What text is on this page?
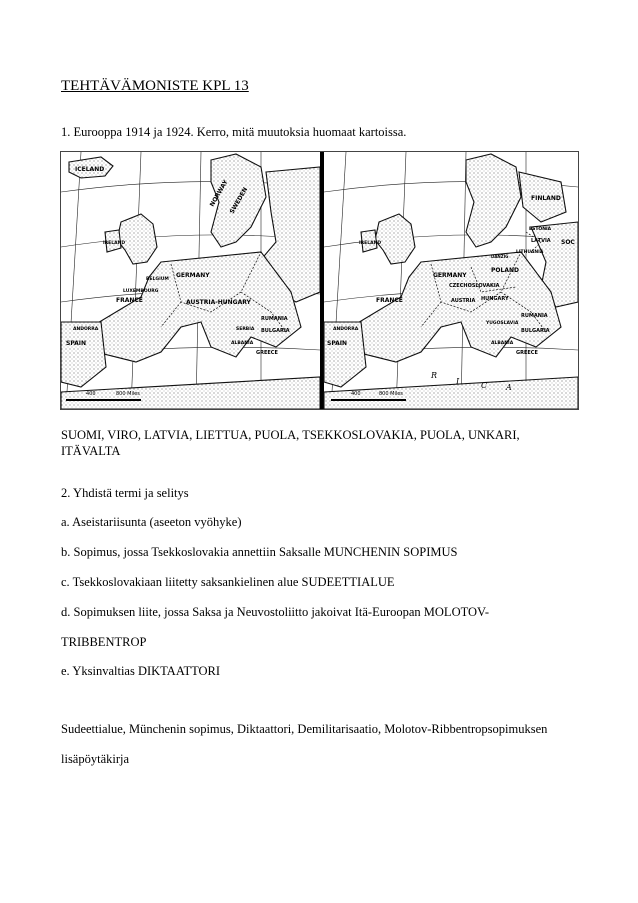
TEHTÄVÄMONISTE KPL 13
1. Eurooppa 1914 ja 1924. Kerro, mitä muutoksia huomaat kartoissa.
ICELAND
NORWAY SWEDEN
GERMANY
LUXEMBOURG
FRANCE	AUSTRIA-HUNGARY
ANDORRA
SPAIN
RUMANIA
BULGARIA
SERBIA
ALBANIA
GREECE
IRELAND
BELGIUM
400	800 Miles
FINLAND
ESTONIA
LATVIA
LITHUANIA
GERMANY
POLAND
CZECHOSLOVAKIA
AUSTRIA HUNGARY
FRANCE
ANDORRA
SPAIN
RUMANIA
YUGOSLAVIA
BULGARIA
ALBANIA
GREECE
DANZIG
SOC
IRELAND
R
I	C A
400	800 Miles
SUOMI, VIRO, LATVIA, LIETTUA, PUOLA, TSEKKOSLOVAKIA, PUOLA, UNKARI,
ITÄVALTA
2. Yhdistä termi ja selitys
a. Aseistariisunta (aseeton vyöhyke)
b. Sopimus, jossa Tsekkoslovakia annettiin Saksalle MUNCHENIN SOPIMUS
c. Tsekkoslovakiaan liitetty saksankielinen alue SUDEETTIALUE
d. Sopimuksen liite, jossa Saksa ja Neuvostoliitto jakoivat Itä-Euroopan MOLOTOV-
TRIBBENTROP
e. Yksinvaltias DIKTAATTORI
Sudeettialue, Münchenin sopimus, Diktaattori, Demilitarisaatio, Molotov-Ribbentropsopimuksen
lisäpöytäkirja
